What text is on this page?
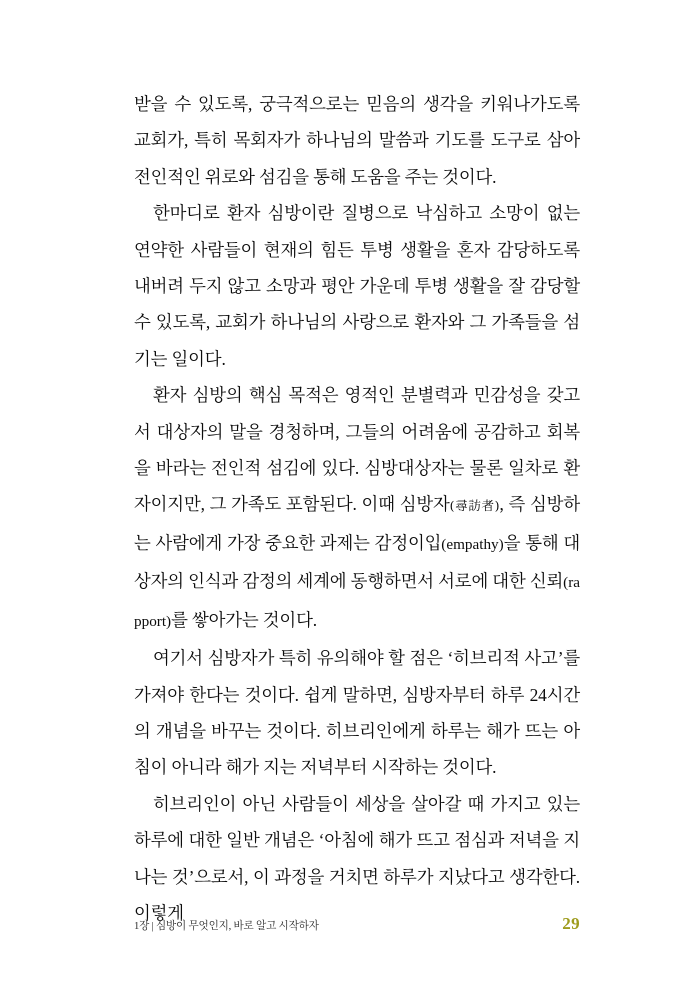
받을 수 있도록, 궁극적으로는 믿음의 생각을 키워나가도록 교회가, 특히 목회자가 하나님의 말씀과 기도를 도구로 삼아 전인적인 위로와 섬김을 통해 도움을 주는 것이다.

한마디로 환자 심방이란 질병으로 낙심하고 소망이 없는 연약한 사람들이 현재의 힘든 투병 생활을 혼자 감당하도록 내버려 두지 않고 소망과 평안 가운데 투병 생활을 잘 감당할 수 있도록, 교회가 하나님의 사랑으로 환자와 그 가족들을 섬기는 일이다.

환자 심방의 핵심 목적은 영적인 분별력과 민감성을 갖고서 대상자의 말을 경청하며, 그들의 어려움에 공감하고 회복을 바라는 전인적 섬김에 있다. 심방대상자는 물론 일차로 환자이지만, 그 가족도 포함된다. 이때 심방자(尋訪者), 즉 심방하는 사람에게 가장 중요한 과제는 감정이입(empathy)을 통해 대상자의 인식과 감정의 세계에 동행하면서 서로에 대한 신뢰(rapport)를 쌓아가는 것이다.

여기서 심방자가 특히 유의해야 할 점은 ‘히브리적 사고’를 가져야 한다는 것이다. 쉽게 말하면, 심방자부터 하루 24시간의 개념을 바꾸는 것이다. 히브리인에게 하루는 해가 뜨는 아침이 아니라 해가 지는 저녁부터 시작하는 것이다.

히브리인이 아닌 사람들이 세상을 살아갈 때 가지고 있는 하루에 대한 일반 개념은 ‘아침에 해가 뜨고 점심과 저녁을 지나는 것’으로서, 이 과정을 거치면 하루가 지났다고 생각한다. 이렇게

1장 | 심방이 무엇인지, 바로 알고 시작하자	29
